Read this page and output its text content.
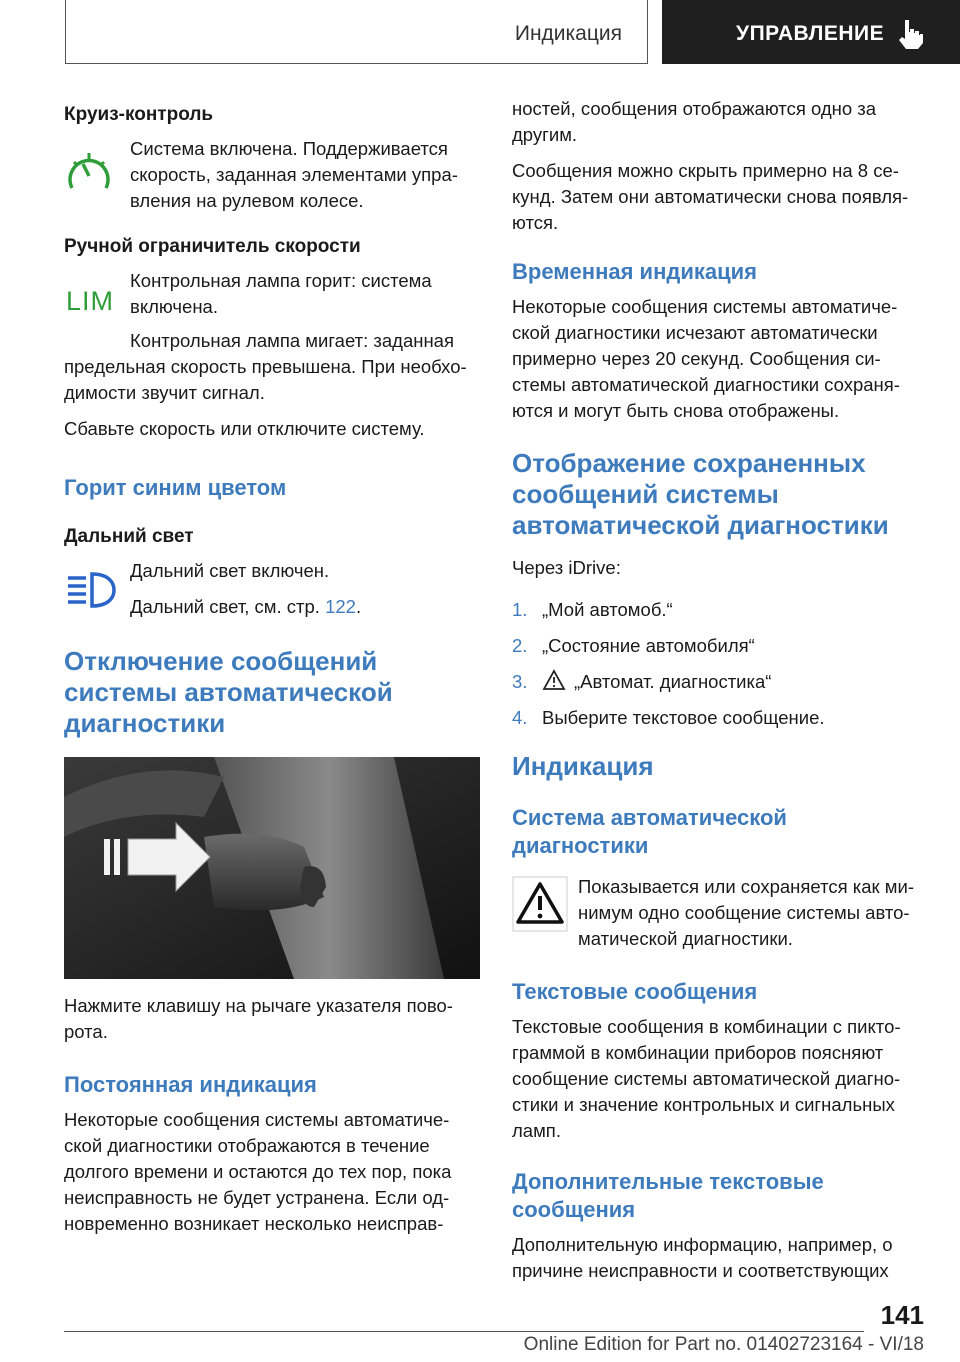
Индикация	УПРАВЛЕНИЕ
Круиз-контроль

Система включена. Поддерживается скорость, заданная элементами упра-вления на рулевом колесе.

Ручной ограничитель скорости
LIM

Контрольная лампа горит: система включена.

Контрольная лампа мигает: заданная предельная скорость превышена. При необхо-димости звучит сигнал.

Сбавьте скорость или отключите систему.

Горит синим цветом
Дальний свет

Дальний свет включен.

Дальний свет, см. стр. 122.

Отключение сообщений системы автоматической диагностики

Нажмите клавишу на рычаге указателя пово-рота.

Постоянная индикация

Некоторые сообщения системы автоматиче-ской диагностики отображаются в течение долгого времени и остаются до тех пор, пока неисправность не будет устранена. Если од-новременно возникает несколько неисправ-

ностей, сообщения отображаются одно за другим.

Сообщения можно скрыть примерно на 8 се-кунд. Затем они автоматически снова появля-ются.

Временная индикация

Некоторые сообщения системы автоматиче-ской диагностики исчезают автоматически примерно через 20 секунд. Сообщения си-стемы автоматической диагностики сохраня-ются и могут быть снова отображены.

Отображение сохраненных сообщений системы автоматической диагностики

Через iDrive:

1. „Мой автомоб.“
2. „Состояние автомобиля“
3.	„Автомат. диагностика“
4. Выберите текстовое сообщение.
Индикация
Система автоматической диагностики

Показывается или сохраняется как ми-нимум одно сообщение системы авто-матической диагностики.

Текстовые сообщения

Текстовые сообщения в комбинации с пикто-граммой в комбинации приборов поясняют сообщение системы автоматической диагно-стики и значение контрольных и сигнальных ламп.

Дополнительные текстовые сообщения

Дополнительную информацию, например, о причине неисправности и соответствующих

141
Online Edition for Part no. 01402723164 - VI/18
